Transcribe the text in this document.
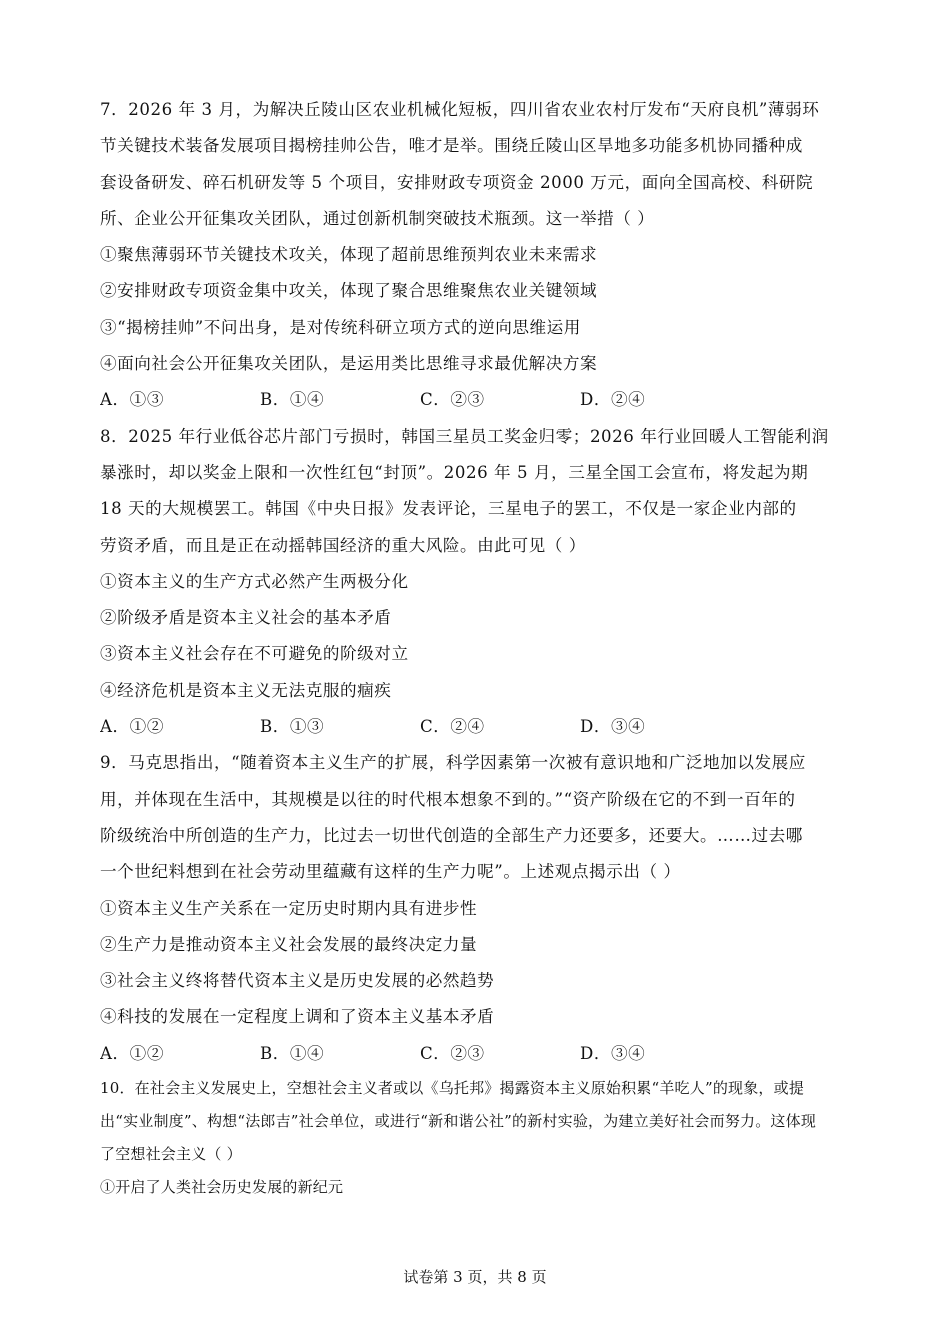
7．2026 年 3 月，为解决丘陵山区农业机械化短板，四川省农业农村厅发布“天府良机”薄弱环
节关键技术装备发展项目揭榜挂帅公告，唯才是举。围绕丘陵山区旱地多功能多机协同播种成
套设备研发、碎石机研发等 5 个项目，安排财政专项资金 2000 万元，面向全国高校、科研院
所、企业公开征集攻关团队，通过创新机制突破技术瓶颈。这一举措（ ）
①聚焦薄弱环节关键技术攻关，体现了超前思维预判农业未来需求
②安排财政专项资金集中攻关，体现了聚合思维聚焦农业关键领域
③“揭榜挂帅”不问出身，是对传统科研立项方式的逆向思维运用
④面向社会公开征集攻关团队，是运用类比思维寻求最优解决方案
A．①③	B．①④	C．②③	D．②④
8．2025 年行业低谷芯片部门亏损时，韩国三星员工奖金归零；2026 年行业回暖人工智能利润
暴涨时，却以奖金上限和一次性红包“封顶”。2026 年 5 月，三星全国工会宣布，将发起为期
18 天的大规模罢工。韩国《中央日报》发表评论，三星电子的罢工，不仅是一家企业内部的
劳资矛盾，而且是正在动摇韩国经济的重大风险。由此可见（ ）
①资本主义的生产方式必然产生两极分化
②阶级矛盾是资本主义社会的基本矛盾
③资本主义社会存在不可避免的阶级对立
④经济危机是资本主义无法克服的痼疾
A．①②	B．①③	C．②④	D．③④
9．马克思指出，“随着资本主义生产的扩展，科学因素第一次被有意识地和广泛地加以发展应
用，并体现在生活中，其规模是以往的时代根本想象不到的。”“资产阶级在它的不到一百年的
阶级统治中所创造的生产力，比过去一切世代创造的全部生产力还要多，还要大。……过去哪
一个世纪料想到在社会劳动里蕴藏有这样的生产力呢”。上述观点揭示出（ ）
①资本主义生产关系在一定历史时期内具有进步性
②生产力是推动资本主义社会发展的最终决定力量
③社会主义终将替代资本主义是历史发展的必然趋势
④科技的发展在一定程度上调和了资本主义基本矛盾
A．①②	B．①④	C．②③	D．③④
10．在社会主义发展史上，空想社会主义者或以《乌托邦》揭露资本主义原始积累“羊吃人”的现象，或提
出“实业制度”、构想“法郎吉”社会单位，或进行“新和谐公社”的新村实验，为建立美好社会而努力。这体现
了空想社会主义（ ）
①开启了人类社会历史发展的新纪元
试卷第 3 页，共 8 页
